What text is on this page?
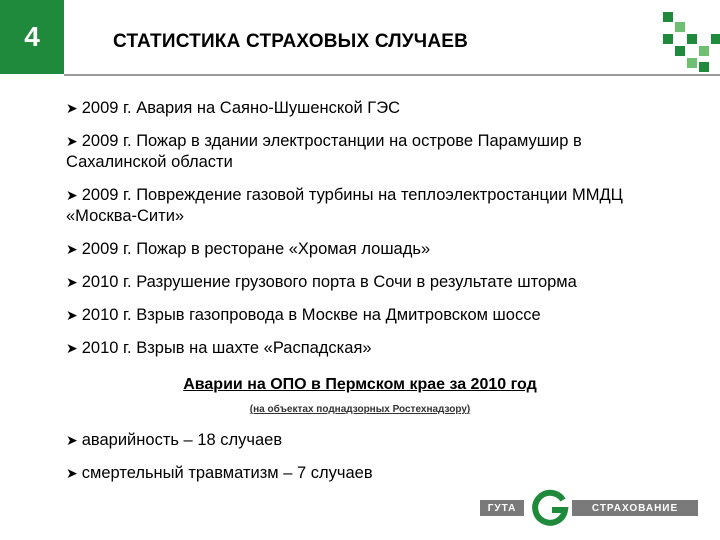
4	СТАТИСТИКА СТРАХОВЫХ СЛУЧАЕВ
➤ 2009 г. Авария на Саяно-Шушенской ГЭС
➤ 2009 г. Пожар в здании электростанции на острове Парамушир в Сахалинской области
➤ 2009 г. Повреждение газовой турбины на теплоэлектростанции ММДЦ «Москва-Сити»
➤ 2009 г. Пожар в ресторане «Хромая лошадь»
➤ 2010 г. Разрушение грузового порта в Сочи в результате шторма
➤ 2010 г. Взрыв газопровода в Москве на Дмитровском шоссе
➤ 2010 г. Взрыв на шахте «Распадская»
Аварии на ОПО в Пермском крае за 2010 год
(на объектах поднадзорных Ростехнадзору)
➤ аварийность – 18 случаев
➤ смертельный травматизм – 7 случаев
ГУТА	СТРАХОВАНИЕ
